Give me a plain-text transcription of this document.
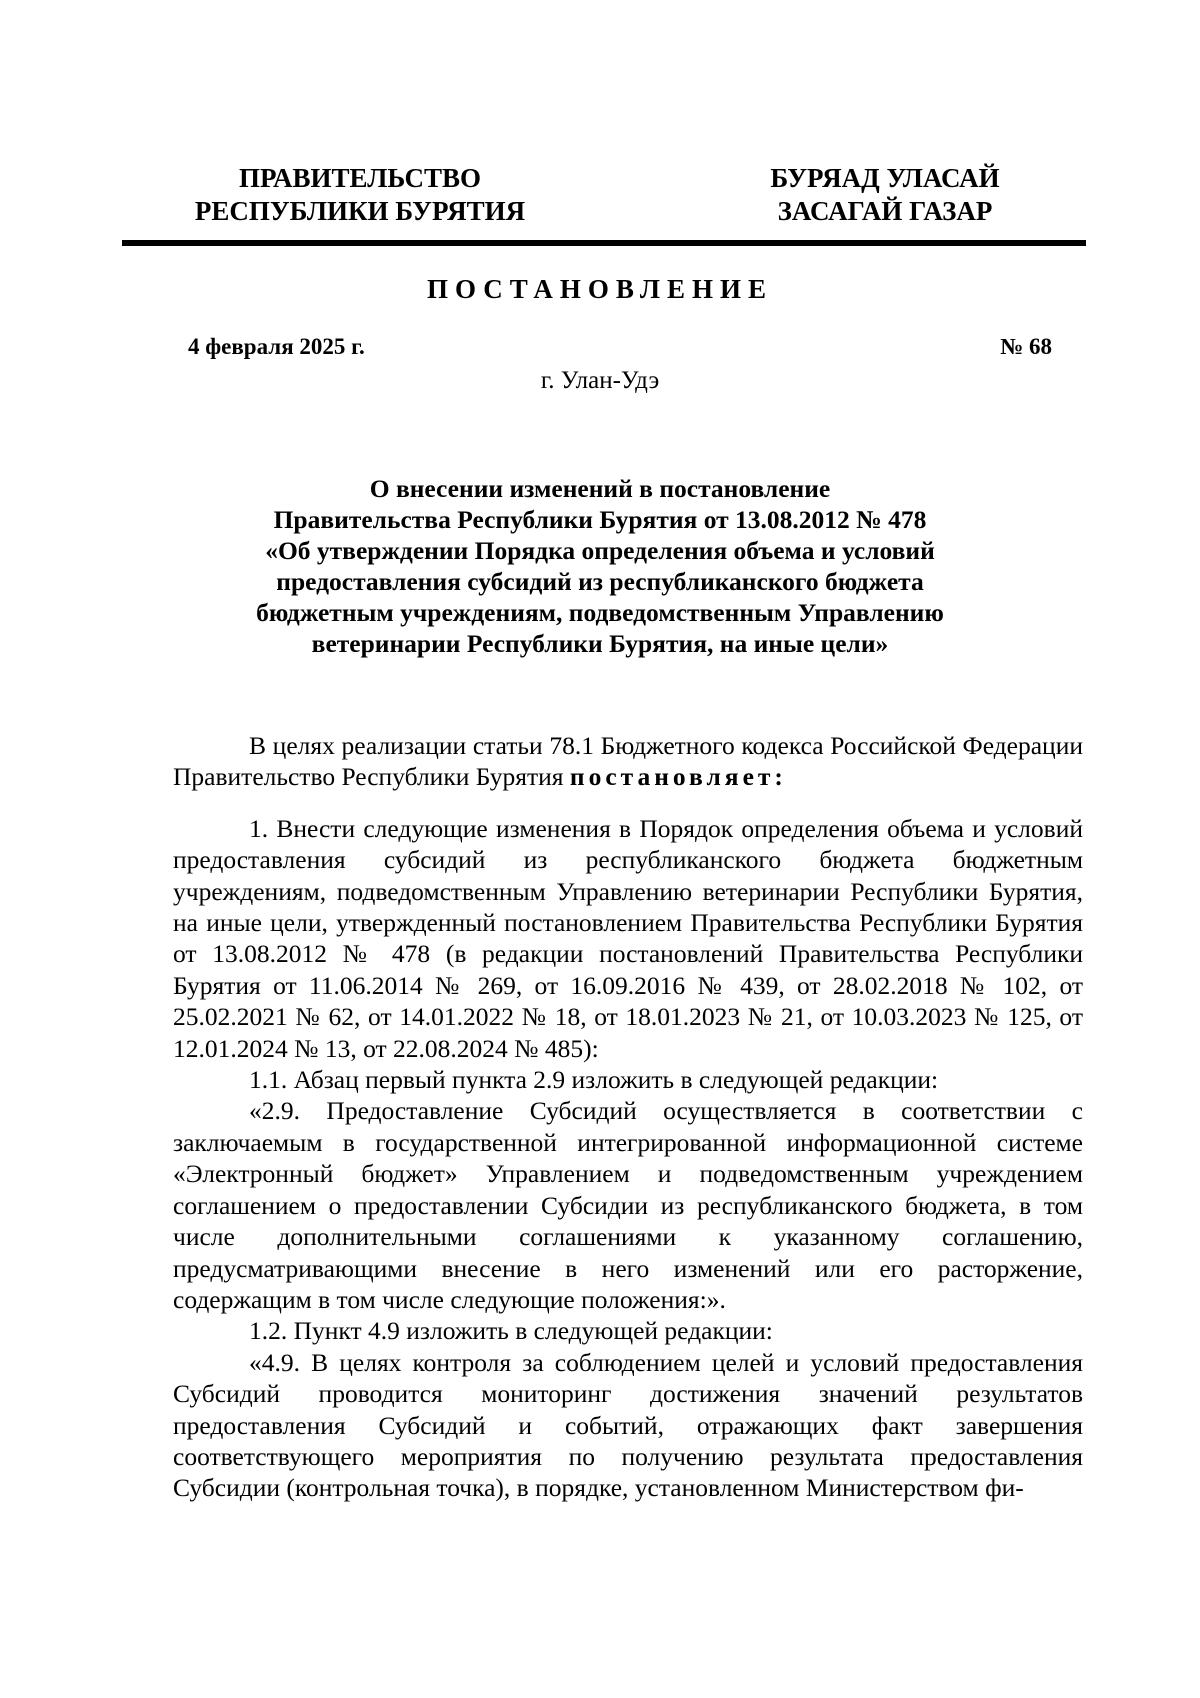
ПРАВИТЕЛЬСТВО
РЕСПУБЛИКИ БУРЯТИЯ
БУРЯАД УЛАСАЙ
ЗАСАГАЙ ГАЗАР
ПОСТАНОВЛЕНИЕ
4 февраля 2025 г.	№ 68
г. Улан-Удэ
О внесении изменений в постановление
Правительства Республики Бурятия от 13.08.2012 № 478
«Об утверждении Порядка определения объема и условий
предоставления субсидий из республиканского бюджета
бюджетным учреждениям, подведомственным Управлению
ветеринарии Республики Бурятия, на иные цели»

В целях реализации статьи 78.1 Бюджетного кодекса Российской Федерации Правительство Республики Бурятия постановляет:

1. Внести следующие изменения в Порядок определения объема и условий предоставления субсидий из республиканского бюджета бюджетным учреждениям, подведомственным Управлению ветеринарии Республики Бурятия, на иные цели, утвержденный постановлением Правительства Республики Бурятия от 13.08.2012 № 478 (в редакции постановлений Правительства Республики Бурятия от 11.06.2014 № 269, от 16.09.2016 № 439, от 28.02.2018 № 102, от 25.02.2021 № 62, от 14.01.2022 № 18, от 18.01.2023 № 21, от 10.03.2023 № 125, от 12.01.2024 № 13, от 22.08.2024 № 485):

1.1. Абзац первый пункта 2.9 изложить в следующей редакции:

«2.9. Предоставление Субсидий осуществляется в соответствии с заключаемым в государственной интегрированной информационной системе «Электронный бюджет» Управлением и подведомственным учреждением соглашением о предоставлении Субсидии из республиканского бюджета, в том числе дополнительными соглашениями к указанному соглашению, предусматривающими внесение в него изменений или его расторжение, содержащим в том числе следующие положения:».

1.2. Пункт 4.9 изложить в следующей редакции:

«4.9. В целях контроля за соблюдением целей и условий предоставления Субсидий проводится мониторинг достижения значений результатов предоставления Субсидий и событий, отражающих факт завершения соответствующего мероприятия по получению результата предоставления Субсидии (контрольная точка), в порядке, установленном Министерством фи-
